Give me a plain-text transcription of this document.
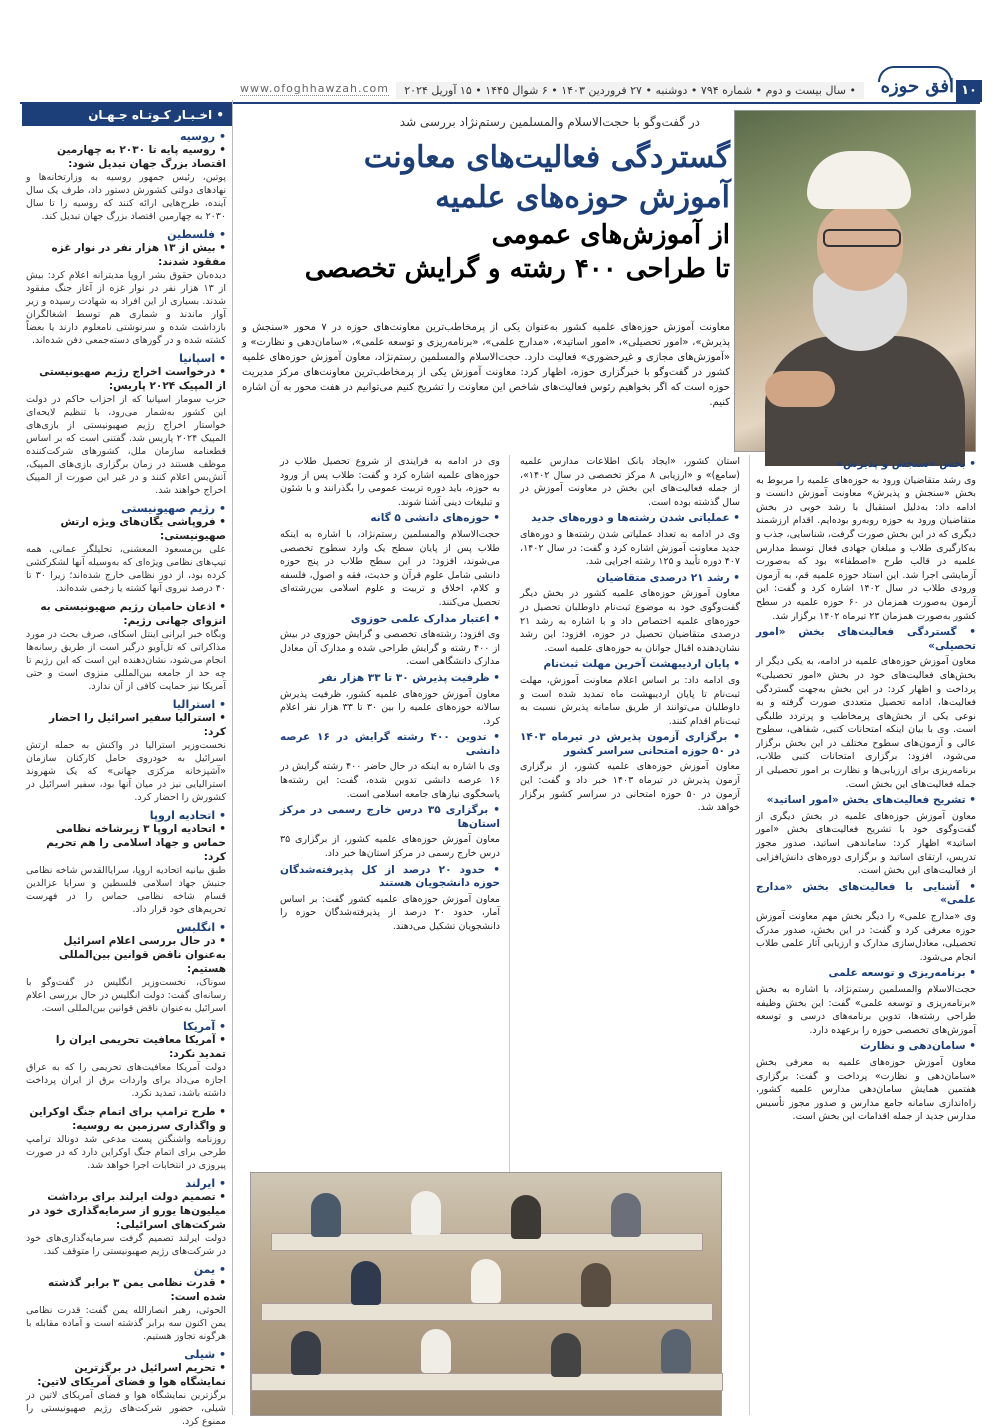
۱۰
افق حوزه
• سال بیست و دوم • شماره ۷۹۴ • دوشنبه • ۲۷ فروردین ۱۴۰۳ • ۶ شوال ۱۴۴۵ • ۱۵ آوریل ۲۰۲۴
www.ofoghhawzah.com
• اخـبـار کـوتـاه جـهـان
• روسیه
• روسیه پایه تا ۲۰۳۰ به چهارمین اقتصاد بزرگ جهان تبدیل شود:
پوتین، رئیس جمهور روسیه به وزارتخانه‌ها و نهادهای دولتی کشورش دستور داد، طرف یک سال آینده، طرح‌هایی ارائه کنند که روسیه را تا سال ۲۰۳۰ به چهارمین اقتصاد بزرگ جهان تبدیل کند.
• فلسطین
• بیش از ۱۳ هزار نفر در نوار غزه مفقود شدند:
دیده‌بان حقوق بشر اروپا مدیترانه اعلام کرد: بیش از ۱۳ هزار نفر در نوار غزه از آغاز جنگ مفقود شدند. بسیاری از این افراد به شهادت رسیده و زیر آوار ماندند و شماری هم توسط اشغالگران بازداشت شده و سرنوشتی نامعلوم دارند یا بعضاً کشته شده و در گورهای دسته‌جمعی دفن شده‌اند.
• اسپانیا
• درخواست اخراج رژیم صهیونیستی از المپیک ۲۰۲۴ پاریس:
حزب سومار اسپانیا که از احزاب حاکم در دولت این کشور به‌شمار می‌رود، با تنظیم لایحه‌ای خواستار اخراج رژیم صهیونیستی از بازی‌های المپیک ۲۰۲۴ پاریس شد. گفتنی است که بر اساس قطعنامه سازمان ملل، کشورهای شرکت‌کننده موظف هستند در زمان برگزاری بازی‌های المپیک، آتش‌بس اعلام کنند و در غیر این صورت از المپیک اخراج خواهند شد.
• رژیم صهیونیستی
• فروپاشی یگان‌های ویژه ارتش صهیونیستی:
علی بن‌مسعود المعشنی، تحلیلگر عمانی، همه تیپ‌های نظامی ویژه‌ای که به‌وسیله آنها لشکرکشی کرده بود، از دور نظامی خارج شده‌اند؛ زیرا ۳۰ تا ۴۰ درصد نیروی آنها کشته یا زخمی شده‌اند.
• اذعان حامیان رژیم صهیونیستی به انزوای جهانی رژیم:
وبگاه خبر ایرانی اینتل اسکای، صرف بحث در مورد مذاکراتی که تل‌آویو درگیر است از طریق رسانه‌ها انجام می‌شود، نشان‌دهنده این است که این رژیم تا چه حد از جامعه بین‌المللی منزوی است و حتی آمریکا نیز حمایت کافی از آن ندارد.
• استرالیا
• استرالیا سفیر اسرائیل را احضار کرد:
نخست‌وزیر استرالیا در واکنش به حمله ارتش اسرائیل به خودروی حامل کارکنان سازمان «آشپزخانه مرکزی جهانی» که یک شهروند استرالیایی نیز در میان آنها بود، سفیر اسرائیل در کشورش را احضار کرد.
• اتحادیه اروپا
• اتحادیه اروپا ۳ زیرشاخه نظامی حماس و جهاد اسلامی را هم تحریم کرد:
طبق بیانیه اتحادیه اروپا، سرایاالقدس شاخه نظامی جنبش جهاد اسلامی فلسطین و سرایا عزالدین قسام شاخه نظامی حماس را در فهرست تحریم‌های خود قرار داد.
• انگلیس
• در حال بررسی اعلام اسرائیل به‌عنوان ناقض قوانین بین‌المللی هستیم:
سوناک، نخست‌وزیر انگلیس در گفت‌وگو با رسانه‌ای گفت: دولت انگلیس در حال بررسی اعلام اسرائیل به‌عنوان ناقض قوانین بین‌المللی است.
• آمریکا
• آمریکا معافیت تحریمی ایران را تمدید نکرد:
دولت آمریکا معافیت‌های تحریمی را که به عراق اجازه می‌داد برای واردات برق از ایران پرداخت داشته باشد، تمدید نکرد.
• طرح ترامپ برای اتمام جنگ اوکراین و واگذاری سرزمین به روسیه:
روزنامه واشنگتن پست مدعی شد دونالد ترامپ طرحی برای اتمام جنگ اوکراین دارد که در صورت پیروزی در انتخابات اجرا خواهد شد.
• ایرلند
• تصمیم دولت ایرلند برای برداشت میلیون‌ها یورو از سرمایه‌گذاری خود در شرکت‌های اسرائیلی:
دولت ایرلند تصمیم گرفت سرمایه‌گذاری‌های خود در شرکت‌های رژیم صهیونیستی را متوقف کند.
• یمن
• قدرت نظامی یمن ۳ برابر گذشته شده است:
الحوثی، رهبر انصارالله یمن گفت: قدرت نظامی یمن اکنون سه برابر گذشته است و آماده مقابله با هرگونه تجاوز هستیم.
• شیلی
• تحریم اسرائیل در برگزترین نمایشگاه هوا و فضای آمریکای لاتین:
برگزترین نمایشگاه هوا و فضای آمریکای لاتین در شیلی، حضور شرکت‌های رژیم صهیونیستی را ممنوع کرد.
در گفت‌وگو با حجت‌الاسلام والمسلمین رستم‌نژاد بررسی شد
گستردگی فعالیت‌های معاونت
آموزش حوزه‌های علمیه
از آموزش‌های عمومی
تا طراحی ۴۰۰ رشته و گرایش تخصصی
معاونت آموزش حوزه‌های علمیه کشور به‌عنوان یکی از پرمخاطب‌ترین معاونت‌های حوزه در ۷ محور «سنجش و پذیرش»، «امور تحصیلی»، «امور اساتید»، «مدارج علمی»، «برنامه‌ریزی و توسعه علمی»، «سامان‌دهی و نظارت» و «آموزش‌های مجازی و غیرحضوری» فعالیت دارد. حجت‌الاسلام والمسلمین رستم‌نژاد، معاون آموزش حوزه‌های علمیه کشور در گفت‌وگو با خبرگزاری حوزه، اظهار کرد: معاونت آموزش یکی از پرمخاطب‌ترین معاونت‌های مرکز مدیریت حوزه است که اگر بخواهیم رئوس فعالیت‌های شاخص این معاونت را تشریح کنیم می‌توانیم در هفت محور به آن اشاره کنیم.
• بخش «سنجش و پذیرش»

وی رشد متقاضیان ورود به حوزه‌های علمیه را مربوط به بخش «سنجش و پذیرش» معاونت آموزش دانست و ادامه داد: به‌دلیل استقبال با رشد خوبی در بخش متقاضیان ورود به حوزه روبه‌رو بوده‌ایم. اقدام ارزشمند دیگری که در این بخش صورت گرفت، شناسایی، جذب و به‌کارگیری طلاب و مبلغان جهادی فعال توسط مدارس علمیه در قالب طرح «اصطفاء» بود که به‌صورت آزمایشی اجرا شد. این استاد حوزه علمیه قم، به آزمون ورودی طلاب در سال ۱۴۰۲ اشاره کرد و گفت: این آزمون به‌صورت همزمان در ۶۰ حوزه علمیه در سطح کشور به‌صورت همزمان ۲۳ تیرماه ۱۴۰۲ برگزار شد.

• گستردگی فعالیت‌های بخش «امور تحصیلی»

معاون آموزش حوزه‌های علمیه در ادامه، به یکی دیگر از بخش‌های فعالیت‌های خود در بخش «امور تحصیلی» پرداخت و اظهار کرد: در این بخش به‌جهت گستردگی فعالیت‌ها، ادامه تحصیل متعددی صورت گرفته و به نوعی یکی از بخش‌های پرمخاطب و پرتردد طلبگی است. وی با بیان اینکه امتحانات کتبی، شفاهی، سطوح عالی و آزمون‌های سطوح مختلف در این بخش برگزار می‌شود، افزود: برگزاری امتحانات کتبی طلاب، برنامه‌ریزی برای ارزیابی‌ها و نظارت بر امور تحصیلی از جمله فعالیت‌های این بخش است.

• تشریح فعالیت‌های بخش «امور اساتید»

معاون آموزش حوزه‌های علمیه در بخش دیگری از گفت‌وگوی خود با تشریح فعالیت‌های بخش «امور اساتید» اظهار کرد: ساماندهی اساتید، صدور مجوز تدریس، ارتقای اساتید و برگزاری دوره‌های دانش‌افزایی از فعالیت‌های این بخش است.

• آشنایی با فعالیت‌های بخش «مدارج علمی»

وی «مدارج علمی» را دیگر بخش مهم معاونت آموزش حوزه معرفی کرد و گفت: در این بخش، صدور مدرک تحصیلی، معادل‌سازی مدارک و ارزیابی آثار علمی طلاب انجام می‌شود.

• برنامه‌ریزی و توسعه علمی

حجت‌الاسلام والمسلمین رستم‌نژاد، با اشاره به بخش «برنامه‌ریزی و توسعه علمی» گفت: این بخش وظیفه طراحی رشته‌ها، تدوین برنامه‌های درسی و توسعه آموزش‌های تخصصی حوزه را برعهده دارد.

• سامان‌دهی و نظارت

معاون آموزش حوزه‌های علمیه به معرفی بخش «سامان‌دهی و نظارت» پرداخت و گفت: برگزاری هفتمین همایش سامان‌دهی مدارس علمیه کشور، راه‌اندازی سامانه جامع مدارس و صدور مجوز تأسیس مدارس جدید از جمله اقدامات این بخش است.

استان کشور، «ایجاد بانک اطلاعات مدارس علمیه (سامع)» و «ارزیابی ۸ مرکز تخصصی در سال ۱۴۰۲»، از جمله فعالیت‌های این بخش در معاونت آموزش در سال گذشته بوده است.

• عملیاتی شدن رشته‌ها و دوره‌های جدید

وی در ادامه به تعداد عملیاتی شدن رشته‌ها و دوره‌های جدید معاونت آموزش اشاره کرد و گفت: در سال ۱۴۰۲، ۴۰۷ دوره تأیید و ۱۲۵ رشته اجرایی شد.

• رشد ۲۱ درصدی متقاضیان

معاون آموزش حوزه‌های علمیه کشور در بخش دیگر گفت‌وگوی خود به موضوع ثبت‌نام داوطلبان تحصیل در حوزه‌های علمیه اختصاص داد و با اشاره به رشد ۲۱ درصدی متقاضیان تحصیل در حوزه، افزود: این رشد نشان‌دهنده اقبال جوانان به حوزه‌های علمیه است.

• پایان اردیبهشت آخرین مهلت ثبت‌نام

وی ادامه داد: بر اساس اعلام معاونت آموزش، مهلت ثبت‌نام تا پایان اردیبهشت ماه تمدید شده است و داوطلبان می‌توانند از طریق سامانه پذیرش نسبت به ثبت‌نام اقدام کنند.

• برگزاری آزمون پذیرش در تیرماه ۱۴۰۳ در ۵۰ حوزه امتحانی سراسر کشور

معاون آموزش حوزه‌های علمیه کشور، از برگزاری آزمون پذیرش در تیرماه ۱۴۰۳ خبر داد و گفت: این آزمون در ۵۰ حوزه امتحانی در سراسر کشور برگزار خواهد شد.

وی در ادامه به فرایندی از شروع تحصیل طلاب در حوزه‌های علمیه اشاره کرد و گفت: طلاب پس از ورود به حوزه، باید دوره تربیت عمومی را بگذرانند و با شئون و تبلیغات دینی آشنا شوند.

• حوزه‌های دانشی ۵ گانه

حجت‌الاسلام والمسلمین رستم‌نژاد، با اشاره به اینکه طلاب پس از پایان سطح یک وارد سطوح تخصصی می‌شوند، افزود: در این سطح طلاب در پنج حوزه دانشی شامل علوم قرآن و حدیث، فقه و اصول، فلسفه و کلام، اخلاق و تربیت و علوم اسلامی بین‌رشته‌ای تحصیل می‌کنند.

• اعتبار مدارک علمی حوزوی

وی افزود: رشته‌های تخصصی و گرایش حوزوی در بیش از ۴۰۰ رشته و گرایش طراحی شده و مدارک آن معادل مدارک دانشگاهی است.

• ظرفیت پذیرش ۳۰ تا ۳۳ هزار نفر

معاون آموزش حوزه‌های علمیه کشور، ظرفیت پذیرش سالانه حوزه‌های علمیه را بین ۳۰ تا ۳۳ هزار نفر اعلام کرد.

• تدوین ۴۰۰ رشته گرایش در ۱۶ عرصه دانشی

وی با اشاره به اینکه در حال حاضر ۴۰۰ رشته گرایش در ۱۶ عرصه دانشی تدوین شده، گفت: این رشته‌ها پاسخگوی نیازهای جامعه اسلامی است.

• برگزاری ۳۵ درس خارج رسمی در مرکز استان‌ها

معاون آموزش حوزه‌های علمیه کشور، از برگزاری ۳۵ درس خارج رسمی در مرکز استان‌ها خبر داد.

• حدود ۲۰ درصد از کل پذیرفته‌شدگان حوزه دانشجویان هستند

معاون آموزش حوزه‌های علمیه کشور گفت: بر اساس آمار، حدود ۲۰ درصد از پذیرفته‌شدگان حوزه را دانشجویان تشکیل می‌دهند.
